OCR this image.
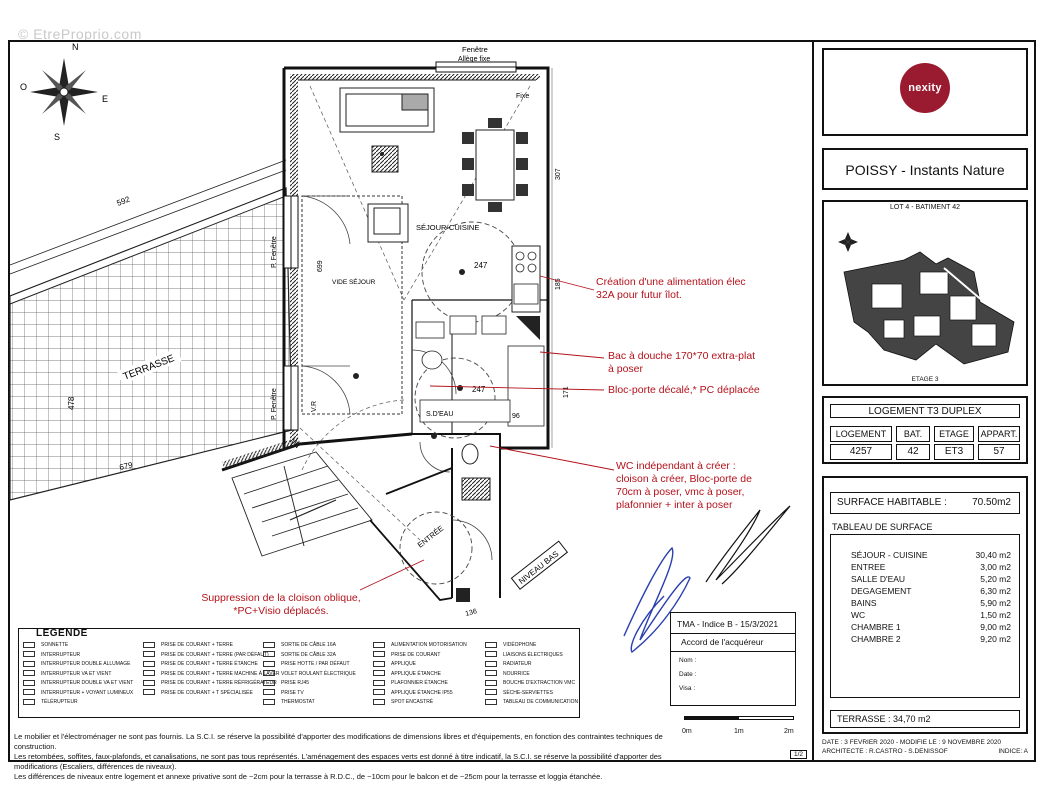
© EtreProprio.com
N
S
E
O
592
TERRASSE
478
679
Fenêtre
Allège fixe
Fixe
P. Fenêtre
P. Fenêtre	V.R
VIDE SÉJOUR
699	247
247
SÉJOUR-CUISINE
185
307
S.D'EAU	96
171
ENTRÉE
136
NIVEAU BAS
Création d'une alimentation élec 32A pour futur îlot.
Bac à douche 170*70 extra-plat à poser
Bloc-porte décalé,* PC déplacée
WC indépendant à créer : cloison à créer, Bloc-porte de 70cm à poser, vmc à poser, plafonnier + inter à poser
Suppression de la cloison oblique, *PC+Visio déplacés.
SONNETTE
INTERRUPTEUR
INTERRUPTEUR DOUBLE ALLUMAGE
INTERRUPTEUR VA ET VIENT
INTERRUPTEUR DOUBLE VA ET VIENT
INTERRUPTEUR + VOYANT LUMINEUX
TÉLÉRUPTEUR
PRISE DE COURANT + TERRE
PRISE DE COURANT + TERRE (PAR DÉFAUT)
PRISE DE COURANT + TERRE ÉTANCHE
PRISE DE COURANT + TERRE MACHINE À LAVER
PRISE DE COURANT + TERRE RÉFRIGÉRATEUR
PRISE DE COURANT + T SPÉCIALISÉE
SORTIE DE CÂBLE 16A
SORTIE DE CÂBLE 32A
PRISE HOTTE / PAR DÉFAUT
VOLET ROULANT ÉLECTRIQUE
PRISE RJ45
PRISE TV
THERMOSTAT
ALIMENTATION MOTORISATION
PRISE DE COURANT
APPLIQUE
APPLIQUE ÉTANCHE
PLAFONNIER ÉTANCHE
APPLIQUE ÉTANCHE IP55
SPOT ENCASTRÉ
VIDÉOPHONE
LIAISONS ÉLECTRIQUES
RADIATEUR
NOURRICE
BOUCHE D'EXTRACTION VMC
SÈCHE-SERVIETTES
TABLEAU DE COMMUNICATION
LEGENDE
Le mobilier et l'électroménager ne sont pas fournis. La S.C.I. se réserve la possibilité d'apporter des modifications de dimensions libres et d'équipements, en fonction des contraintes techniques de construction.
Les retombées, soffites, faux-plafonds, et canalisations, ne sont pas tous représentés. L'aménagement des espaces verts est donné à titre indicatif, la S.C.I. se réserve la possibilité d'apporter des modifications (Escaliers, différences de niveaux).
Les différences de niveaux entre logement et annexe privative sont de ~2cm pour la terrasse à R.D.C., de ~10cm pour le balcon et de ~25cm pour la terrasse et loggia étanchée.
TMA - Indice B - 15/3/2021
Accord de l'acquéreur
Nom :
Date :
Visa :
0m	1m	2m
1/2
nexity
POISSY - Instants Nature
LOT 4 - BATIMENT 42
ETAGE 3
LOGEMENT T3 DUPLEX
LOGEMENT	BAT.	ETAGE	APPART.
4257	42	ET3	57
SURFACE HABITABLE :	70.50m2
TABLEAU DE SURFACE
SÉJOUR - CUISINE	30,40 m2
ENTREE	3,00 m2
SALLE D'EAU	5,20 m2
DEGAGEMENT	6,30 m2
BAINS	5,90 m2
WC	1,50 m2
CHAMBRE 1	9,00 m2
CHAMBRE 2	9,20 m2
TERRASSE : 34,70 m2
DATE : 3 FEVRIER 2020 - MODIFIE LE : 9 NOVEMBRE 2020
ARCHITECTE : R.CASTRO - S.DENISSOF	INDICE: A
